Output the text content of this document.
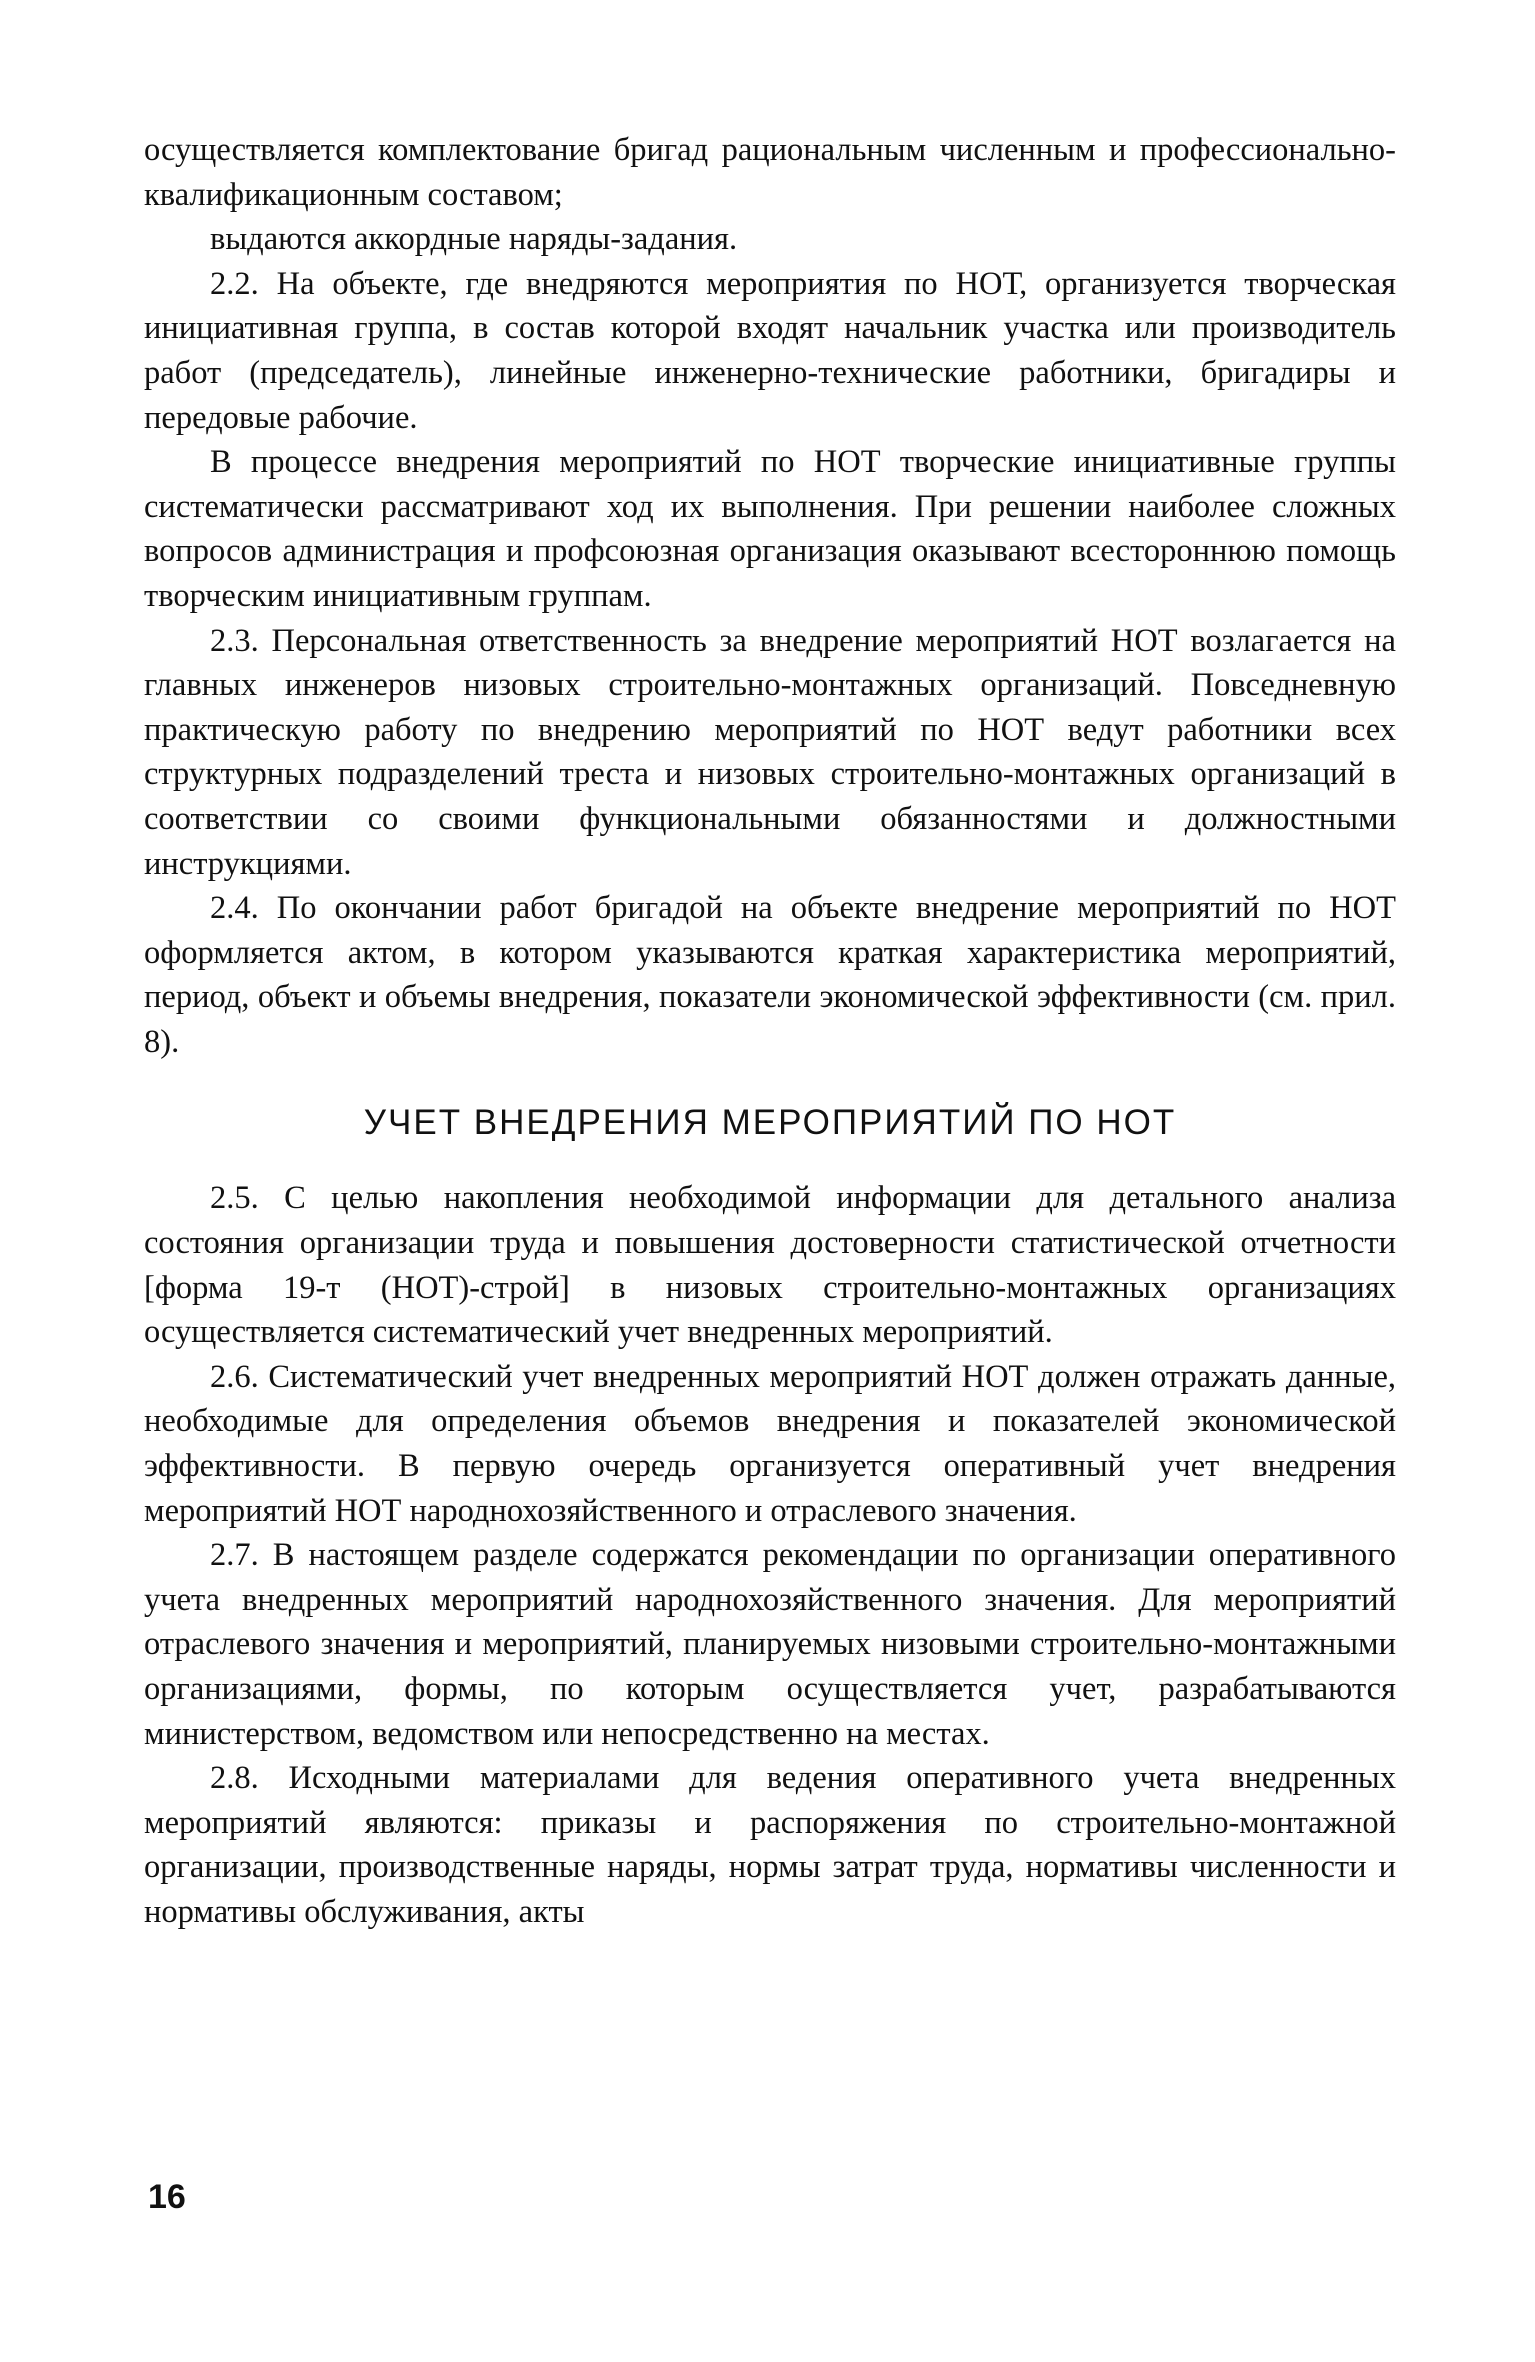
осуществляется комплектование бригад рациональным численным и профессионально-квалификационным составом;

выдаются аккордные наряды-задания.

2.2. На объекте, где внедряются мероприятия по НОТ, организуется творческая инициативная группа, в состав которой входят начальник участка или производитель работ (председатель), линейные инженерно-технические работники, бригадиры и передовые рабочие.

В процессе внедрения мероприятий по НОТ творческие инициативные группы систематически рассматривают ход их выполнения. При решении наиболее сложных вопросов администрация и профсоюзная организация оказывают всестороннюю помощь творческим инициативным группам.

2.3. Персональная ответственность за внедрение мероприятий НОТ возлагается на главных инженеров низовых строительно-монтажных организаций. Повседневную практическую работу по внедрению мероприятий по НОТ ведут работники всех структурных подразделений треста и низовых строительно-монтажных организаций в соответствии со своими функциональными обязанностями и должностными инструкциями.

2.4. По окончании работ бригадой на объекте внедрение мероприятий по НОТ оформляется актом, в котором указываются краткая характеристика мероприятий, период, объект и объемы внедрения, показатели экономической эффективности (см. прил. 8).

УЧЕТ ВНЕДРЕНИЯ МЕРОПРИЯТИЙ ПО НОТ

2.5. С целью накопления необходимой информации для детального анализа состояния организации труда и повышения достоверности статистической отчетности [форма 19-т (НОТ)-строй] в низовых строительно-монтажных организациях осуществляется систематический учет внедренных мероприятий.

2.6. Систематический учет внедренных мероприятий НОТ должен отражать данные, необходимые для определения объемов внедрения и показателей экономической эффективности. В первую очередь организуется оперативный учет внедрения мероприятий НОТ народнохозяйственного и отраслевого значения.

2.7. В настоящем разделе содержатся рекомендации по организации оперативного учета внедренных мероприятий народнохозяйственного значения. Для мероприятий отраслевого значения и мероприятий, планируемых низовыми строительно-монтажными организациями, формы, по которым осуществляется учет, разрабатываются министерством, ведомством или непосредственно на местах.

2.8. Исходными материалами для ведения оперативного учета внедренных мероприятий являются: приказы и распоряжения по строительно-монтажной организации, производственные наряды, нормы затрат труда, нормативы численности и нормативы обслуживания, акты

16
